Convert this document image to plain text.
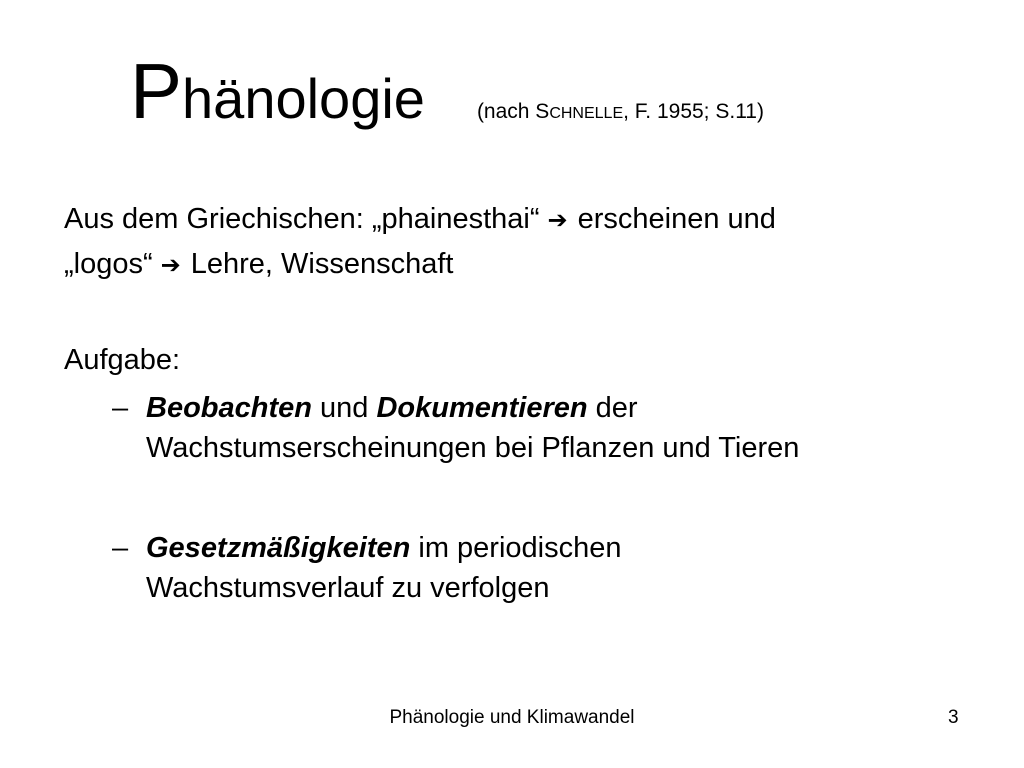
Phänologie (nach SCHNELLE, F. 1955; S.11)
Aus dem Griechischen: „phainesthai“ ➔ erscheinen und
„logos“ ➔ Lehre, Wissenschaft
Aufgabe:
– Beobachten und Dokumentieren der
Wachstumserscheinungen bei Pflanzen und Tieren
– Gesetzmäßigkeiten im periodischen
Wachstumsverlauf zu verfolgen
Phänologie und Klimawandel	3
